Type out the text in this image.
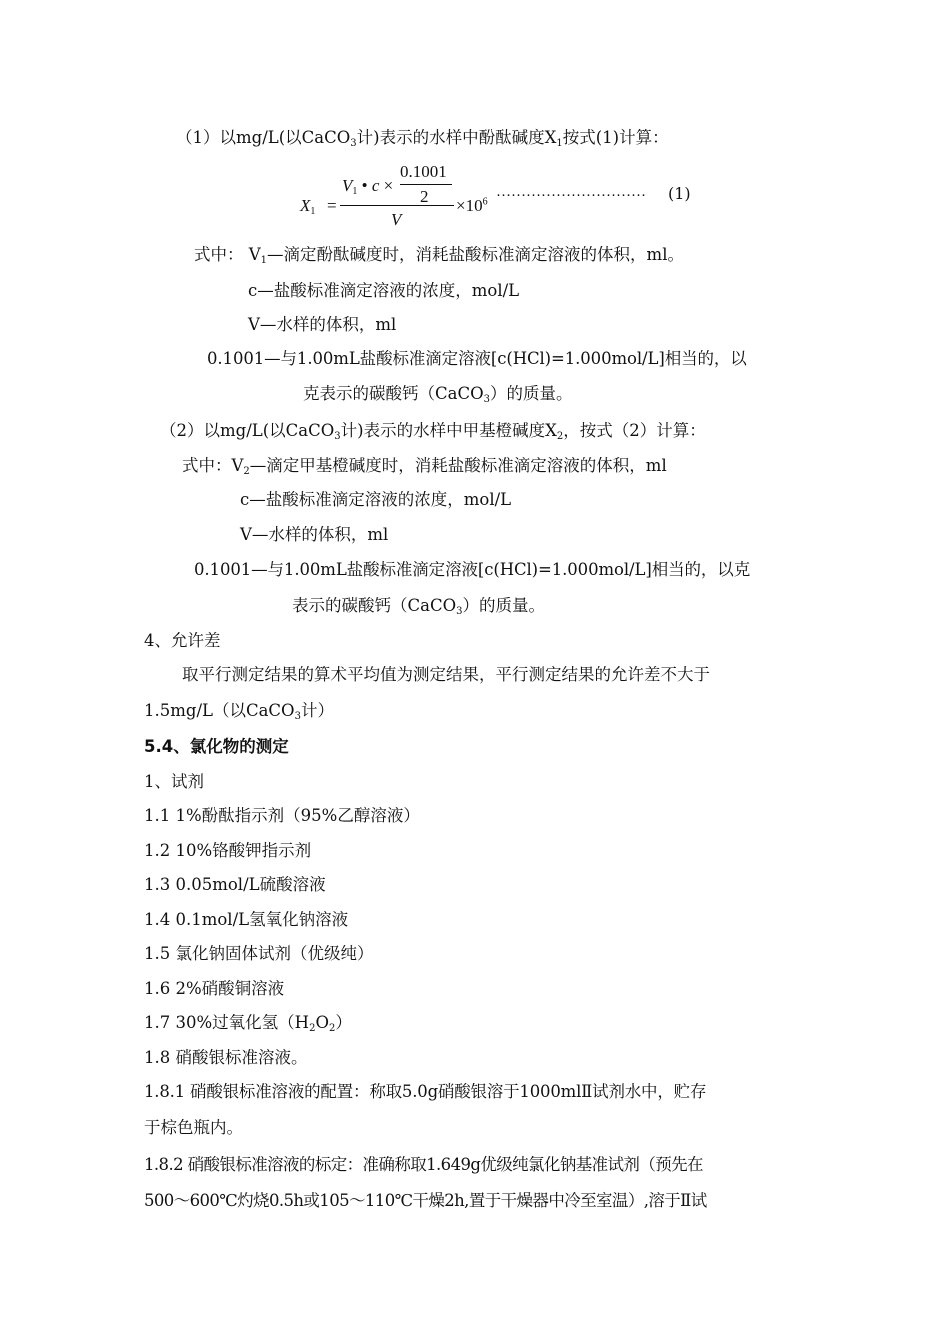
（1）以mg/L(以CaCO$_3$计)表示的水样中酚酞碱度$X_1$按式(1)计算：
$X_1$ =
$V_1$ • c ×
0.1001
2
V
$\times 10^6$
………………………… (1)
式中： $V_1—$滴定酚酞碱度时，消耗盐酸标准滴定溶液的体积，ml。
c—盐酸标准滴定溶液的浓度，mol/L
V—水样的体积，ml
0.1001—与1.00mL盐酸标准滴定溶液[c(HCl)=1.000mol/L]相当的，以
克表示的碳酸钙（CaCO$_3$）的质量。
（2）以mg/L(以CaCO$_3$计)表示的水样中甲基橙碱度$X_2$，按式（2）计算：
式中：$V_2—$滴定甲基橙碱度时，消耗盐酸标准滴定溶液的体积，ml
c—盐酸标准滴定溶液的浓度，mol/L
V—水样的体积，ml
0.1001—与1.00mL盐酸标准滴定溶液[c(HCl)=1.000mol/L]相当的，以克
表示的碳酸钙（CaCO$_3$）的质量。
4、允许差
取平行测定结果的算术平均值为测定结果，平行测定结果的允许差不大于
1.5mg/L（以CaCO$_3$计）
5.4、氯化物的测定
1、试剂
1.1 1%酚酞指示剂（95%乙醇溶液）
1.2 10%铬酸钾指示剂
1.3 0.05mol/L硫酸溶液
1.4 0.1mol/L氢氧化钠溶液
1.5 氯化钠固体试剂（优级纯）
1.6 2%硝酸铜溶液
1.7 30%过氧化氢$(H_2O_2)$
1.8 硝酸银标准溶液。
1.8.1 硝酸银标准溶液的配置：称取5.0g硝酸银溶于1000mlⅡ试剂水中，贮存
于棕色瓶内。
1.8.2 硝酸银标准溶液的标定：准确称取1.649g优级纯氯化钠基准试剂（预先在
500～600℃灼烧0.5h或105～110℃干燥2h,置于干燥器中冷至室温）,溶于Ⅱ试
